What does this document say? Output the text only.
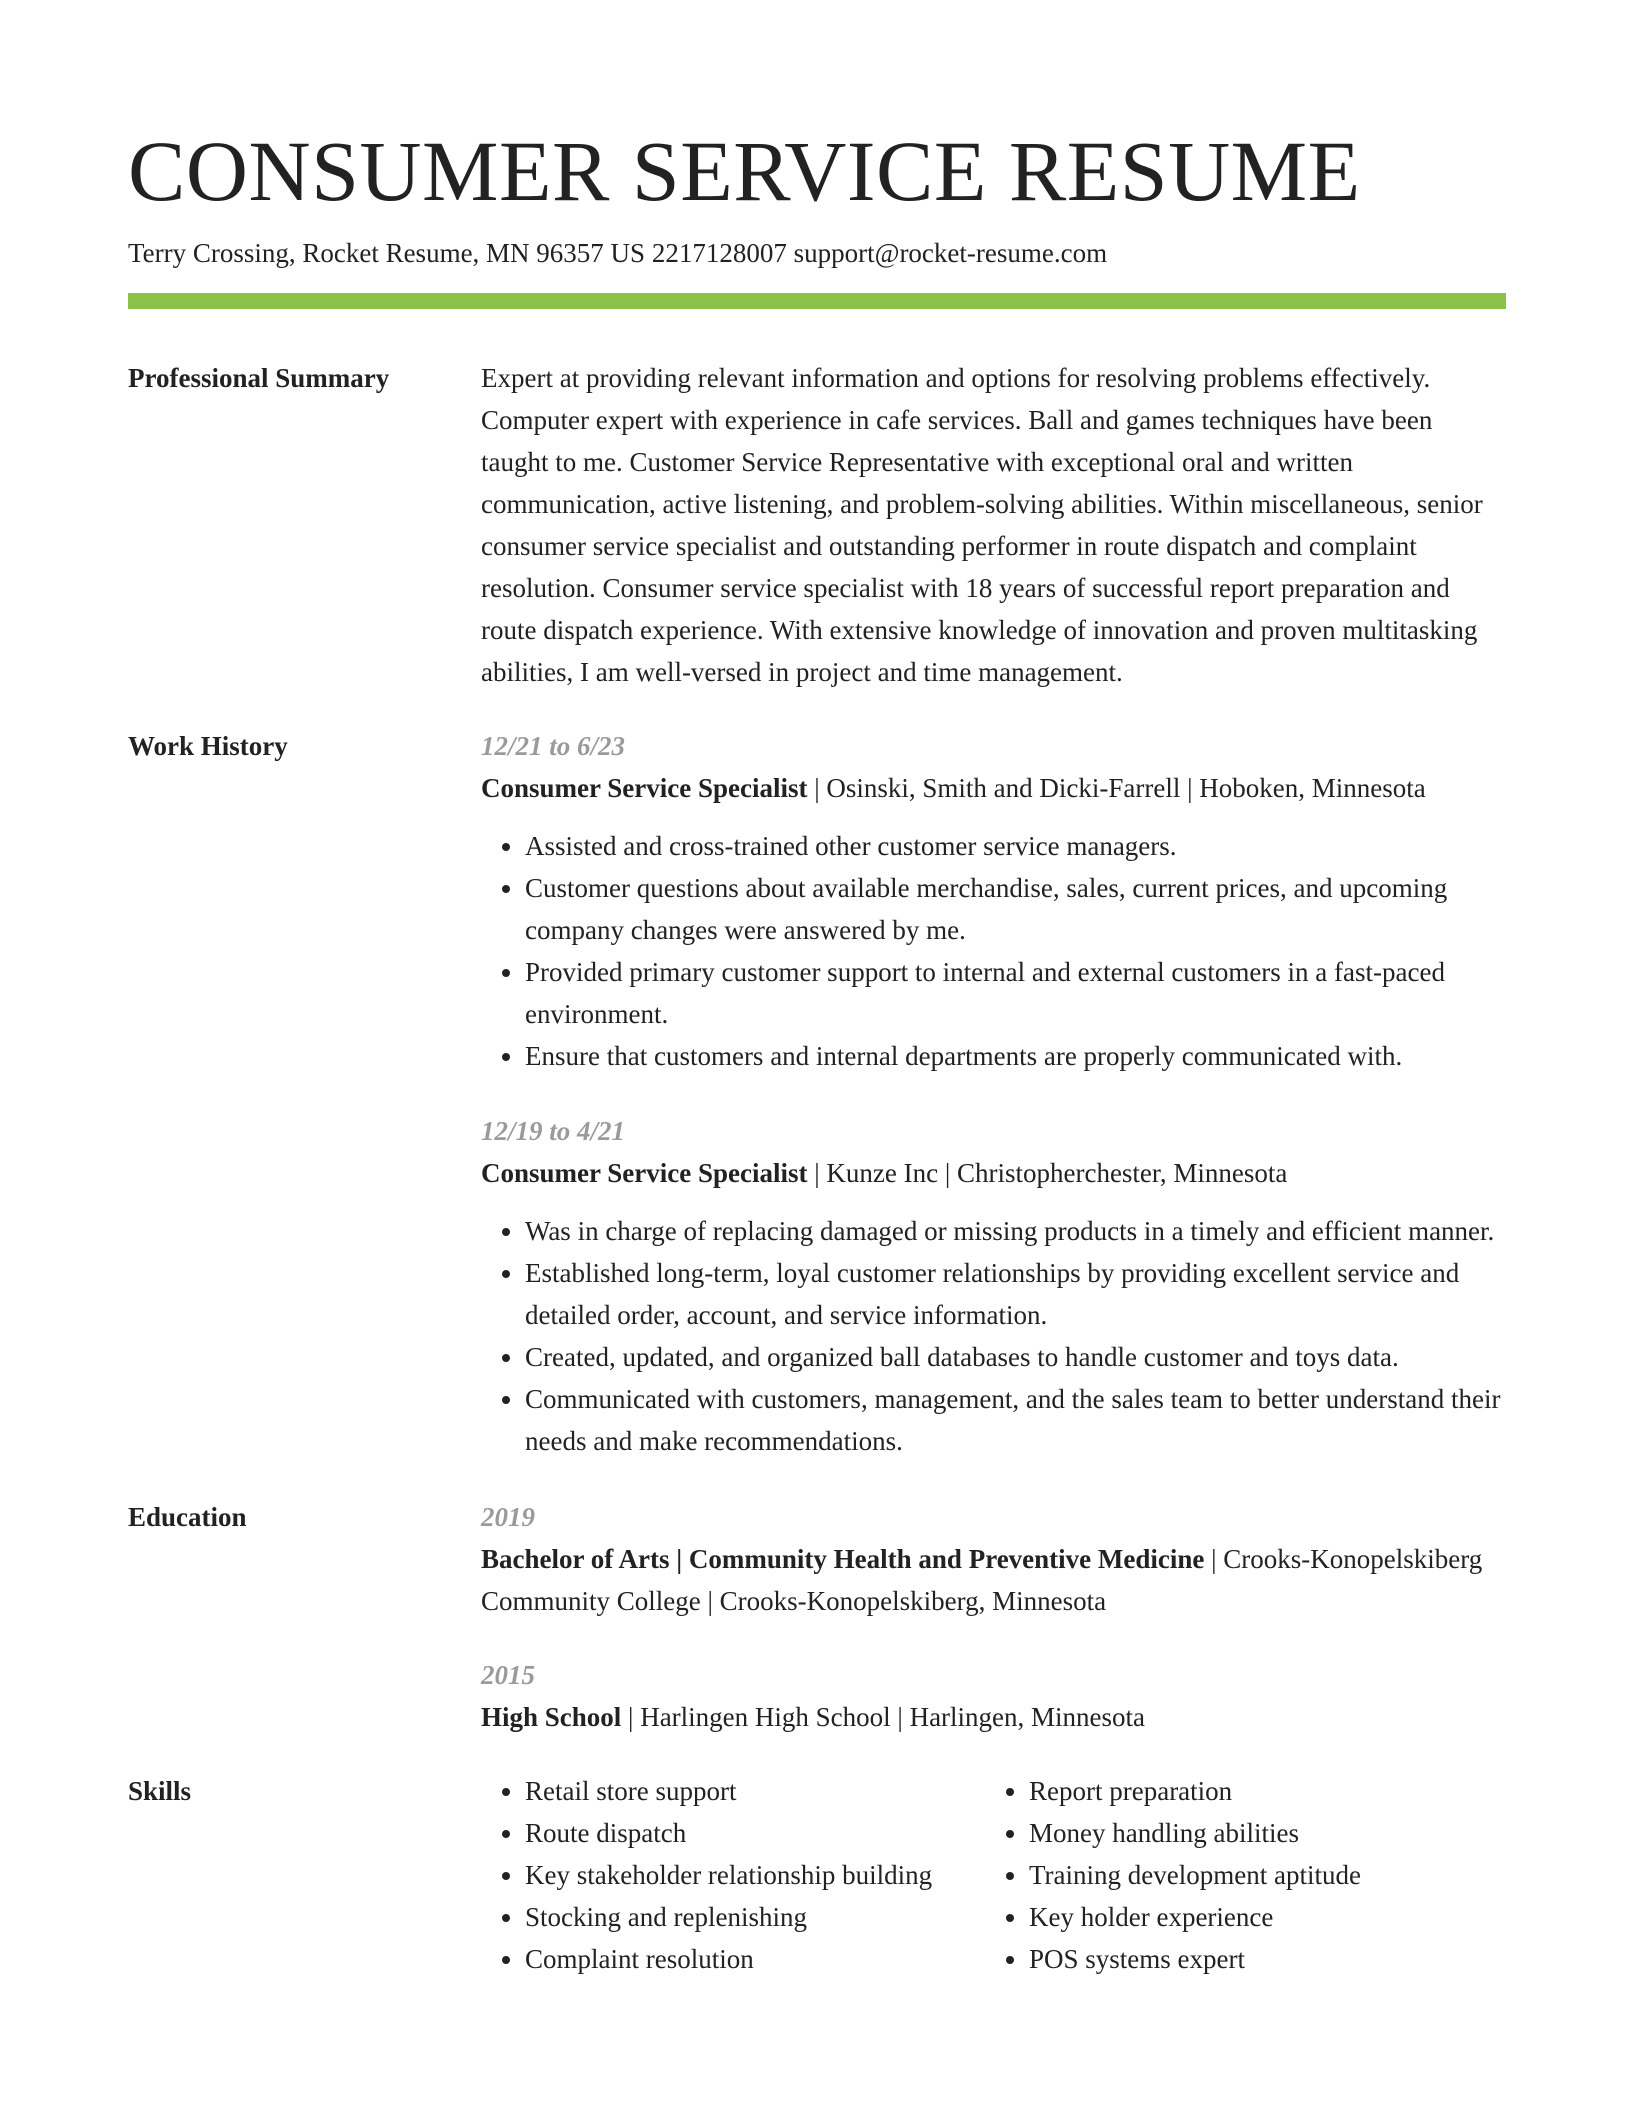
CONSUMER SERVICE RESUME
Terry Crossing, Rocket Resume, MN 96357 US 2217128007 support@rocket-resume.com
Professional Summary	Expert at providing relevant information and options for resolving problems effectively. Computer expert with experience in cafe services. Ball and games techniques have been taught to me. Customer Service Representative with exceptional oral and written communication, active listening, and problem-solving abilities. Within miscellaneous, senior consumer service specialist and outstanding performer in route dispatch and complaint resolution. Consumer service specialist with 18 years of successful report preparation and route dispatch experience. With extensive knowledge of innovation and proven multitasking abilities, I am well-versed in project and time management.
Work History	12/21 to 6/23
Consumer Service Specialist | Osinski, Smith and Dicki-Farrell | Hoboken, Minnesota
• Assisted and cross-trained other customer service managers.
• Customer questions about available merchandise, sales, current prices, and upcoming company changes were answered by me.
• Provided primary customer support to internal and external customers in a fast-paced environment.
• Ensure that customers and internal departments are properly communicated with.
12/19 to 4/21
Consumer Service Specialist | Kunze Inc | Christopherchester, Minnesota
• Was in charge of replacing damaged or missing products in a timely and efficient manner.
• Established long-term, loyal customer relationships by providing excellent service and detailed order, account, and service information.
• Created, updated, and organized ball databases to handle customer and toys data.
• Communicated with customers, management, and the sales team to better understand their needs and make recommendations.
Education	2019
Bachelor of Arts | Community Health and Preventive Medicine | Crooks-Konopelskiberg Community College | Crooks-Konopelskiberg, Minnesota
2015
High School | Harlingen High School | Harlingen, Minnesota
Skills
•	Retail store support
• Route dispatch
• Key stakeholder relationship building
• Stocking and replenishing
• Complaint resolution
• Report preparation
• Money handling abilities
• Training development aptitude
• Key holder experience
• POS systems expert
